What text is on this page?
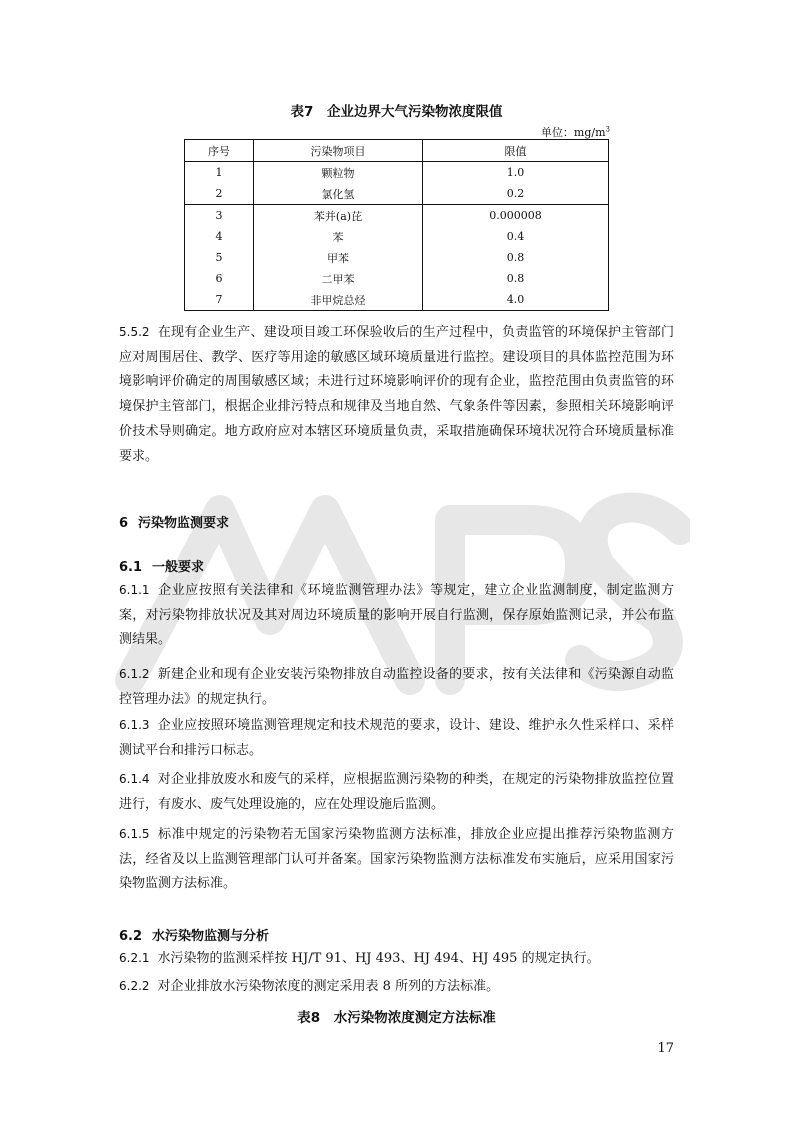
表7　企业边界大气污染物浓度限值
单位：$mg/m^3$
序号	污染物项目	限值
1	颗粒物	1.0
2	氯化氢	0.2
3	苯并(a)芘	0.000008
4	苯	0.4
5	甲苯	0.8
6	二甲苯	0.8
7	非甲烷总烃	4.0
5.5.2 在现有企业生产、建设项目竣工环保验收后的生产过程中，负责监管的环境保护主管部门应对周围居住、教学、医疗等用途的敏感区域环境质量进行监控。建设项目的具体监控范围为环境影响评价确定的周围敏感区域；未进行过环境影响评价的现有企业，监控范围由负责监管的环境保护主管部门，根据企业排污特点和规律及当地自然、气象条件等因素，参照相关环境影响评价技术导则确定。地方政府应对本辖区环境质量负责，采取措施确保环境状况符合环境质量标准要求。
6 污染物监测要求
6.1 一般要求
6.1.1 企业应按照有关法律和《环境监测管理办法》等规定，建立企业监测制度，制定监测方案，对污染物排放状况及其对周边环境质量的影响开展自行监测，保存原始监测记录，并公布监测结果。
6.1.2 新建企业和现有企业安装污染物排放自动监控设备的要求，按有关法律和《污染源自动监控管理办法》的规定执行。
6.1.3 企业应按照环境监测管理规定和技术规范的要求，设计、建设、维护永久性采样口、采样测试平台和排污口标志。
6.1.4 对企业排放废水和废气的采样，应根据监测污染物的种类，在规定的污染物排放监控位置进行，有废水、废气处理设施的，应在处理设施后监测。
6.1.5 标准中规定的污染物若无国家污染物监测方法标准，排放企业应提出推荐污染物监测方法，经省及以上监测管理部门认可并备案。国家污染物监测方法标准发布实施后，应采用国家污染物监测方法标准。
6.2 水污染物监测与分析
6.2.1 水污染物的监测采样按 HJ/T 91、HJ 493、HJ 494、HJ 495 的规定执行。
6.2.2 对企业排放水污染物浓度的测定采用表 8 所列的方法标准。
表8　水污染物浓度测定方法标准
17
